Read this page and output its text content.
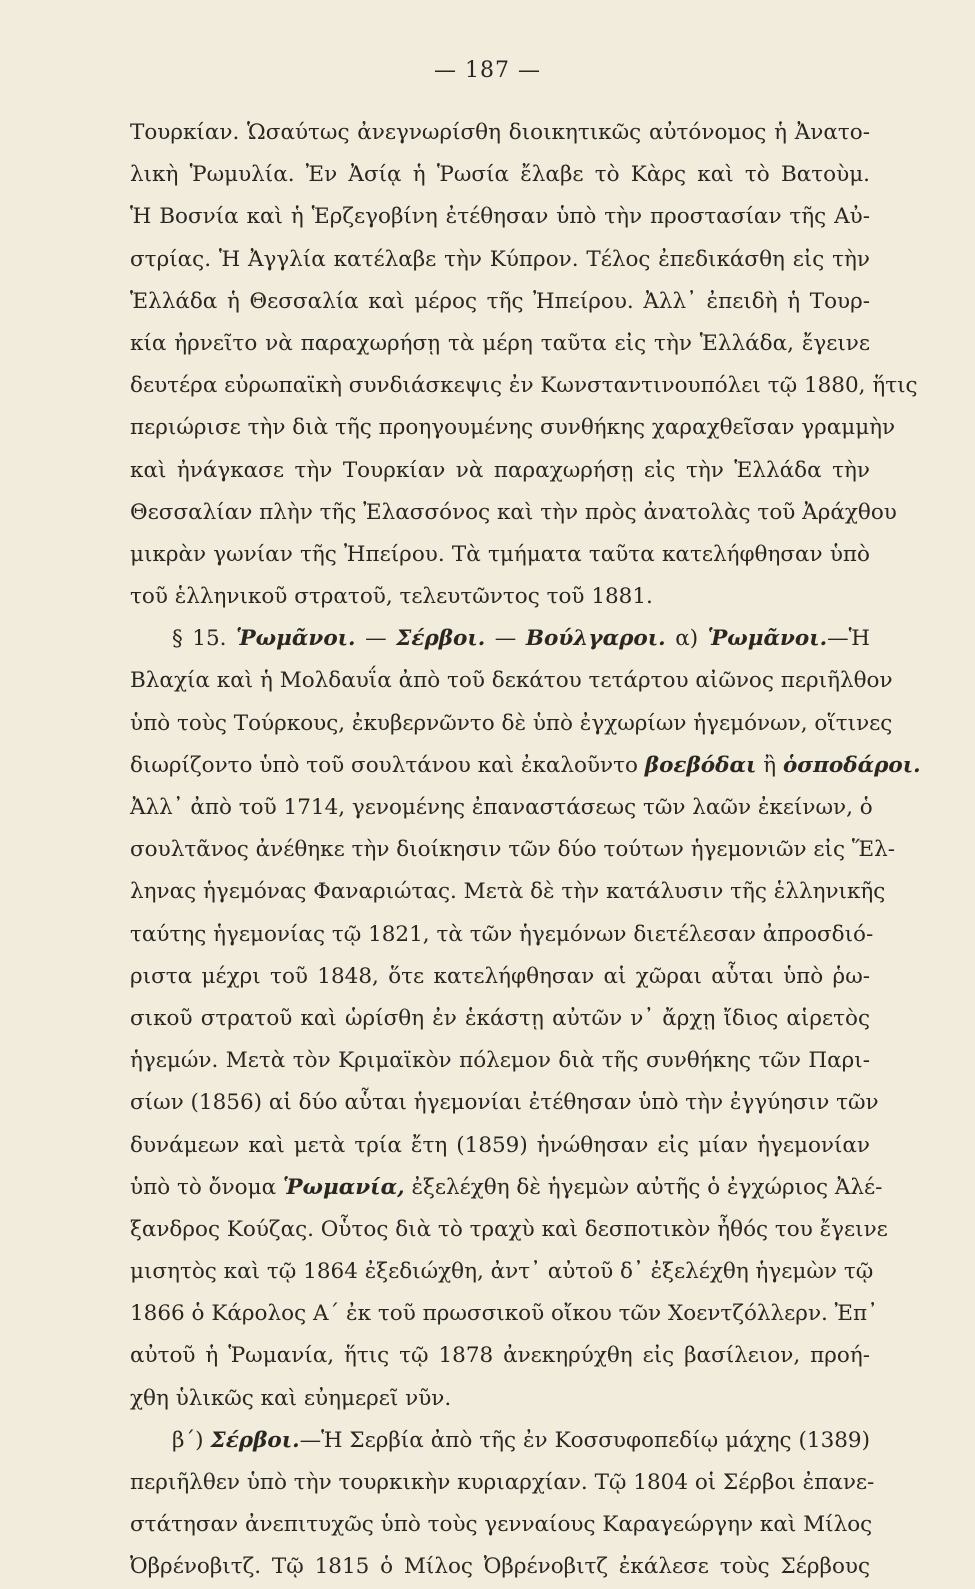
— 187 —
Τουρκίαν. Ὡσαύτως ἀνεγνωρίσθη διοικητικῶς αὐτόνομος ἡ Ἀνατο-
λικὴ Ῥωμυλία. Ἐν Ἀσίᾳ ἡ Ῥωσία ἔλαβε τὸ Κὰρς καὶ τὸ Βατοὺμ.
Ἡ Βοσνία καὶ ἡ Ἑρζεγοβίνη ἐτέθησαν ὑπὸ τὴν προστασίαν τῆς Αὐ-
στρίας. Ἡ Ἀγγλία κατέλαβε τὴν Κύπρον. Τέλος ἐπεδικάσθη εἰς τὴν
Ἑλλάδα ἡ Θεσσαλία καὶ μέρος τῆς Ἠπείρου. Ἀλλ᾽ ἐπειδὴ ἡ Τουρ-
κία ἠρνεῖτο νὰ παραχωρήσῃ τὰ μέρη ταῦτα εἰς τὴν Ἑλλάδα, ἔγεινε
δευτέρα εὐρωπαϊκὴ συνδιάσκεψις ἐν Κωνσταντινουπόλει τῷ 1880, ἥτις
περιώρισε τὴν διὰ τῆς προηγουμένης συνθήκης χαραχθεῖσαν γραμμὴν
καὶ ἠνάγκασε τὴν Τουρκίαν νὰ παραχωρήσῃ εἰς τὴν Ἑλλάδα τὴν
Θεσσαλίαν πλὴν τῆς Ἐλασσόνος καὶ τὴν πρὸς ἀνατολὰς τοῦ Ἀράχθου
μικρὰν γωνίαν τῆς Ἠπείρου. Τὰ τμήματα ταῦτα κατελήφθησαν ὑπὸ
τοῦ ἑλληνικοῦ στρατοῦ, τελευτῶντος τοῦ 1881.
§ 15. Ῥωμᾶνοι. — Σέρβοι. — Βούλγαροι. α) Ῥωμᾶνοι.—Ἡ
Βλαχία καὶ ἡ Μολδαυΐα ἀπὸ τοῦ δεκάτου τετάρτου αἰῶνος περιῆλθον
ὑπὸ τοὺς Τούρκους, ἐκυβερνῶντο δὲ ὑπὸ ἐγχωρίων ἡγεμόνων, οἵτινες
διωρίζοντο ὑπὸ τοῦ σουλτάνου καὶ ἐκαλοῦντο βοεβόδαι ἢ ὁσποδάροι.
Ἀλλ᾽ ἀπὸ τοῦ 1714, γενομένης ἐπαναστάσεως τῶν λαῶν ἐκείνων, ὁ
σουλτᾶνος ἀνέθηκε τὴν διοίκησιν τῶν δύο τούτων ἡγεμονιῶν εἰς Ἕλ-
ληνας ἡγεμόνας Φαναριώτας. Μετὰ δὲ τὴν κατάλυσιν τῆς ἑλληνικῆς
ταύτης ἡγεμονίας τῷ 1821, τὰ τῶν ἡγεμόνων διετέλεσαν ἀπροσδιό-
ριστα μέχρι τοῦ 1848, ὅτε κατελήφθησαν αἱ χῶραι αὗται ὑπὸ ῥω-
σικοῦ στρατοῦ καὶ ὡρίσθη ἐν ἑκάστῃ αὐτῶν ν᾽ ἄρχῃ ἴδιος αἱρετὸς
ἡγεμών. Μετὰ τὸν Κριμαϊκὸν πόλεμον διὰ τῆς συνθήκης τῶν Παρι-
σίων (1856) αἱ δύο αὗται ἡγεμονίαι ἐτέθησαν ὑπὸ τὴν ἐγγύησιν τῶν
δυνάμεων καὶ μετὰ τρία ἔτη (1859) ἡνώθησαν εἰς μίαν ἡγεμονίαν
ὑπὸ τὸ ὄνομα Ῥωμανία, ἐξελέχθη δὲ ἡγεμὼν αὐτῆς ὁ ἐγχώριος Ἀλέ-
ξανδρος Κούζας. Οὗτος διὰ τὸ τραχὺ καὶ δεσποτικὸν ἦθός του ἔγεινε
μισητὸς καὶ τῷ 1864 ἐξεδιώχθη, ἀντ᾽ αὐτοῦ δ᾽ ἐξελέχθη ἡγεμὼν τῷ
1866 ὁ Κάρολος Α΄ ἐκ τοῦ πρωσσικοῦ οἴκου τῶν Χοεντζόλλερν. Ἐπ᾽
αὐτοῦ ἡ Ῥωμανία, ἥτις τῷ 1878 ἀνεκηρύχθη εἰς βασίλειον, προή-
χθη ὑλικῶς καὶ εὐημερεῖ νῦν.
β΄) Σέρβοι.—Ἡ Σερβία ἀπὸ τῆς ἐν Κοσσυφοπεδίῳ μάχης (1389)
περιῆλθεν ὑπὸ τὴν τουρκικὴν κυριαρχίαν. Τῷ 1804 οἱ Σέρβοι ἐπανε-
στάτησαν ἀνεπιτυχῶς ὑπὸ τοὺς γενναίους Καραγεώργην καὶ Μίλος
Ὀβρένοβιτζ. Τῷ 1815 ὁ Μίλος Ὀβρένοβιτζ ἐκάλεσε τοὺς Σέρβους
